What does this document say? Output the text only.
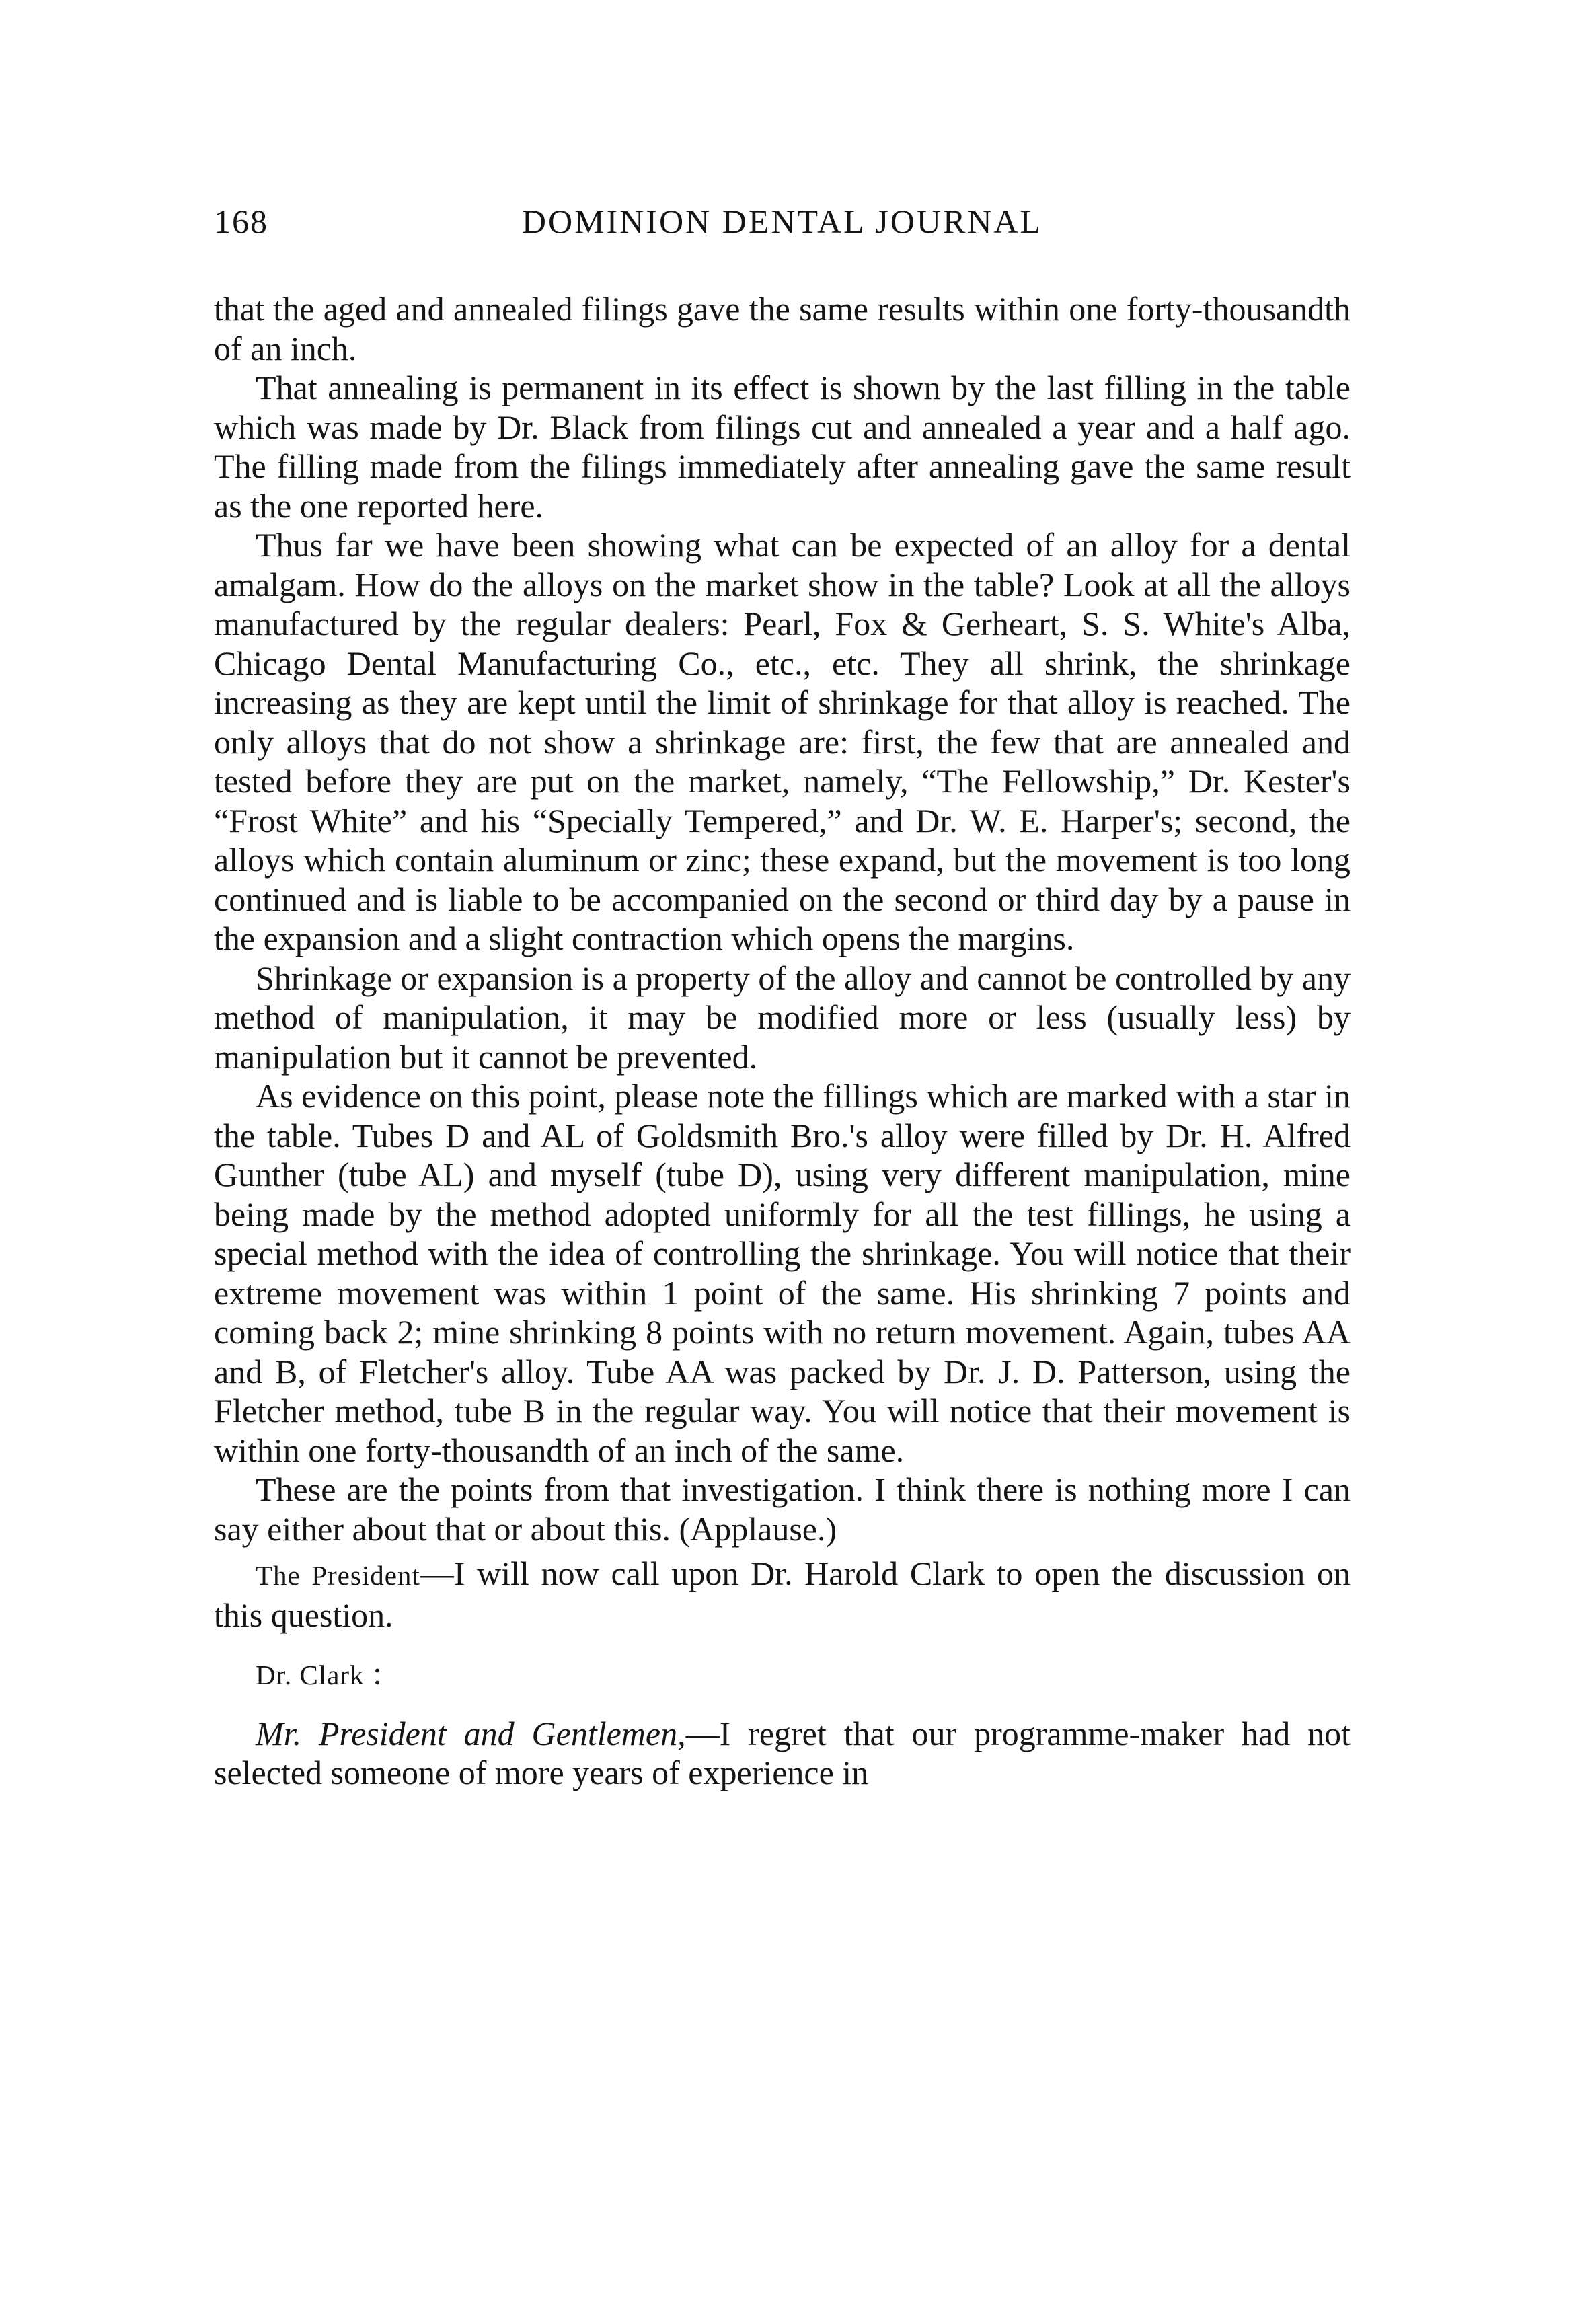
168	DOMINION DENTAL JOURNAL

that the aged and annealed filings gave the same results within one forty-thousandth of an inch.

That annealing is permanent in its effect is shown by the last filling in the table which was made by Dr. Black from filings cut and annealed a year and a half ago. The filling made from the filings immediately after annealing gave the same result as the one reported here.

Thus far we have been showing what can be expected of an alloy for a dental amalgam. How do the alloys on the market show in the table? Look at all the alloys manufactured by the regular dealers: Pearl, Fox & Gerheart, S. S. White's Alba, Chicago Dental Manufacturing Co., etc., etc. They all shrink, the shrinkage increasing as they are kept until the limit of shrinkage for that alloy is reached. The only alloys that do not show a shrinkage are: first, the few that are annealed and tested before they are put on the market, namely, “The Fellowship,” Dr. Kester's “Frost White” and his “Specially Tempered,” and Dr. W. E. Harper's; second, the alloys which contain aluminum or zinc; these expand, but the movement is too long continued and is liable to be accompanied on the second or third day by a pause in the expansion and a slight contraction which opens the margins.

Shrinkage or expansion is a property of the alloy and cannot be controlled by any method of manipulation, it may be modified more or less (usually less) by manipulation but it cannot be prevented.

As evidence on this point, please note the fillings which are marked with a star in the table. Tubes D and AL of Goldsmith Bro.'s alloy were filled by Dr. H. Alfred Gunther (tube AL) and myself (tube D), using very different manipulation, mine being made by the method adopted uniformly for all the test fillings, he using a special method with the idea of controlling the shrinkage. You will notice that their extreme movement was within 1 point of the same. His shrinking 7 points and coming back 2; mine shrinking 8 points with no return movement. Again, tubes AA and B, of Fletcher's alloy. Tube AA was packed by Dr. J. D. Patterson, using the Fletcher method, tube B in the regular way. You will notice that their movement is within one forty-thousandth of an inch of the same.

These are the points from that investigation. I think there is nothing more I can say either about that or about this. (Applause.)

The President—I will now call upon Dr. Harold Clark to open the discussion on this question.

Dr. Clark :

Mr. President and Gentlemen,—I regret that our programme-maker had not selected someone of more years of experience in
